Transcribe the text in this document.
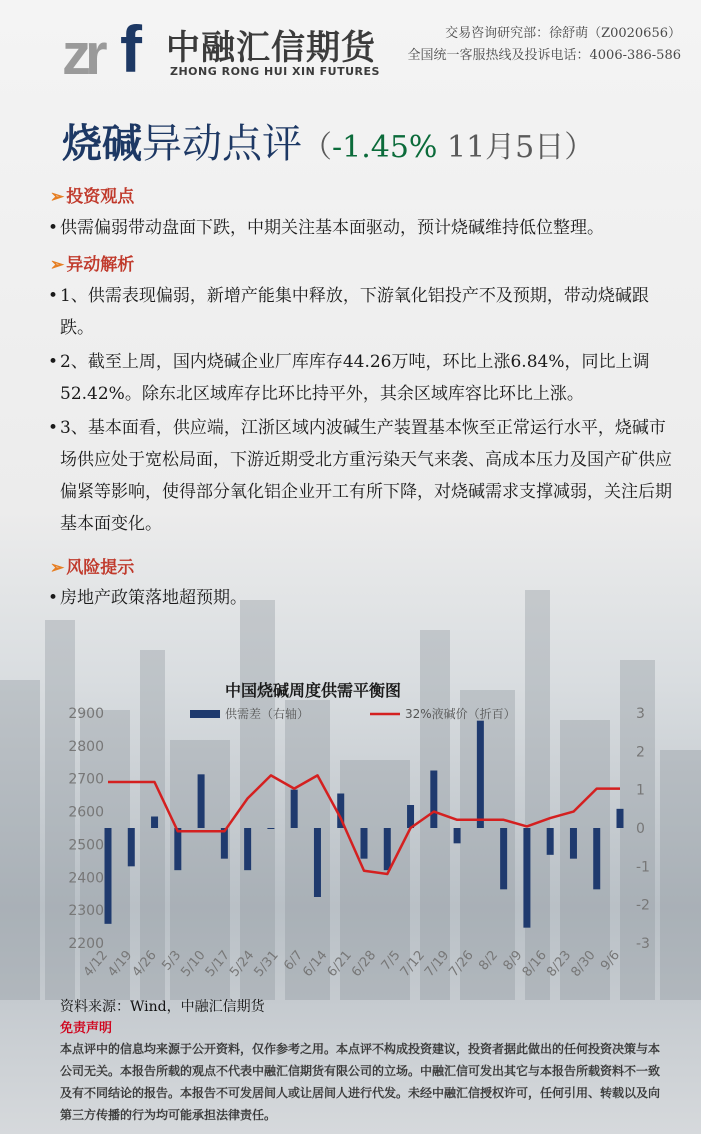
zr f 中融汇信期货
ZHONG RONG HUI XIN FUTURES
交易咨询研究部：徐舒萌（Z0020656）
全国统一客服热线及投诉电话：4006-386-586
烧碱异动点评（-1.45% 11月5日）
➢ 投资观点
• 供需偏弱带动盘面下跌，中期关注基本面驱动，预计烧碱维持低位整理。
➢ 异动解析
• 1、供需表现偏弱，新增产能集中释放，下游氧化铝投产不及预期，带动烧碱跟跌。
• 2、截至上周，国内烧碱企业厂库库存44.26万吨，环比上涨6.84%，同比上调52.42%。除东北区域库存比环比持平外，其余区域库容比环比上涨。
• 3、基本面看，供应端，江浙区域内波碱生产装置基本恢至正常运行水平，烧碱市场供应处于宽松局面，下游近期受北方重污染天气来袭、高成本压力及国产矿供应偏紧等影响，使得部分氧化铝企业开工有所下降，对烧碱需求支撑减弱，关注后期基本面变化。
➢ 风险提示
• 房地产政策落地超预期。
中国烧碱周度供需平衡图
供需差（右轴）	32%液碱价（折百）
2200
2300
2400
2500
2600
2700
2800
2900	3
2
1
0
-1
-2
-3
4/12
4/19
4/26 5/3
5/10
5/17
5/24
5/31 6/7
6/14
6/21
6/28 7/5
7/12
7/19
7/26 8/2 8/9
8/16
8/23
8/30 9/6
资料来源：Wind，中融汇信期货
免责声明
本点评中的信息均来源于公开资料，仅作参考之用。本点评不构成投资建议，投资者据此做出的任何投资决策与本公司无关。本报告所载的观点不代表中融汇信期货有限公司的立场。中融汇信可发出其它与本报告所载资料不一致及有不同结论的报告。本报告不可发居间人或让居间人进行代发。未经中融汇信授权许可，任何引用、转载以及向第三方传播的行为均可能承担法律责任。
